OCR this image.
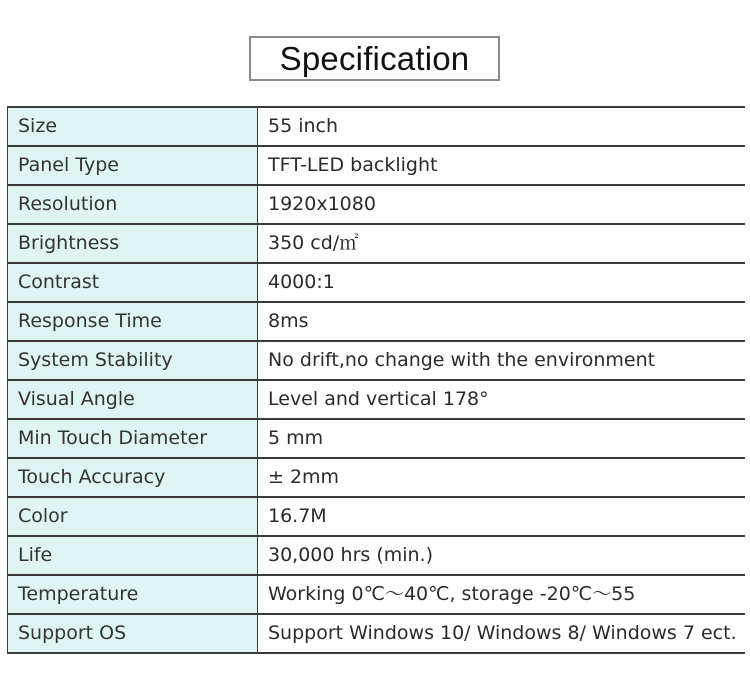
Specification
Size	55 inch
Panel Type	TFT-LED backlight
Resolution	1920x1080
Brightness	350 cd/㎡
Contrast	4000:1
Response Time	8ms
System Stability	No drift,no change with the environment
Visual Angle	Level and vertical 178°
Min Touch Diameter	5 mm
Touch Accuracy	± 2mm
Color	16.7M
Life	30,000 hrs (min.)
Temperature	Working 0℃～40℃, storage -20℃～55
Support OS	Support Windows 10/ Windows 8/ Windows 7 ect.
